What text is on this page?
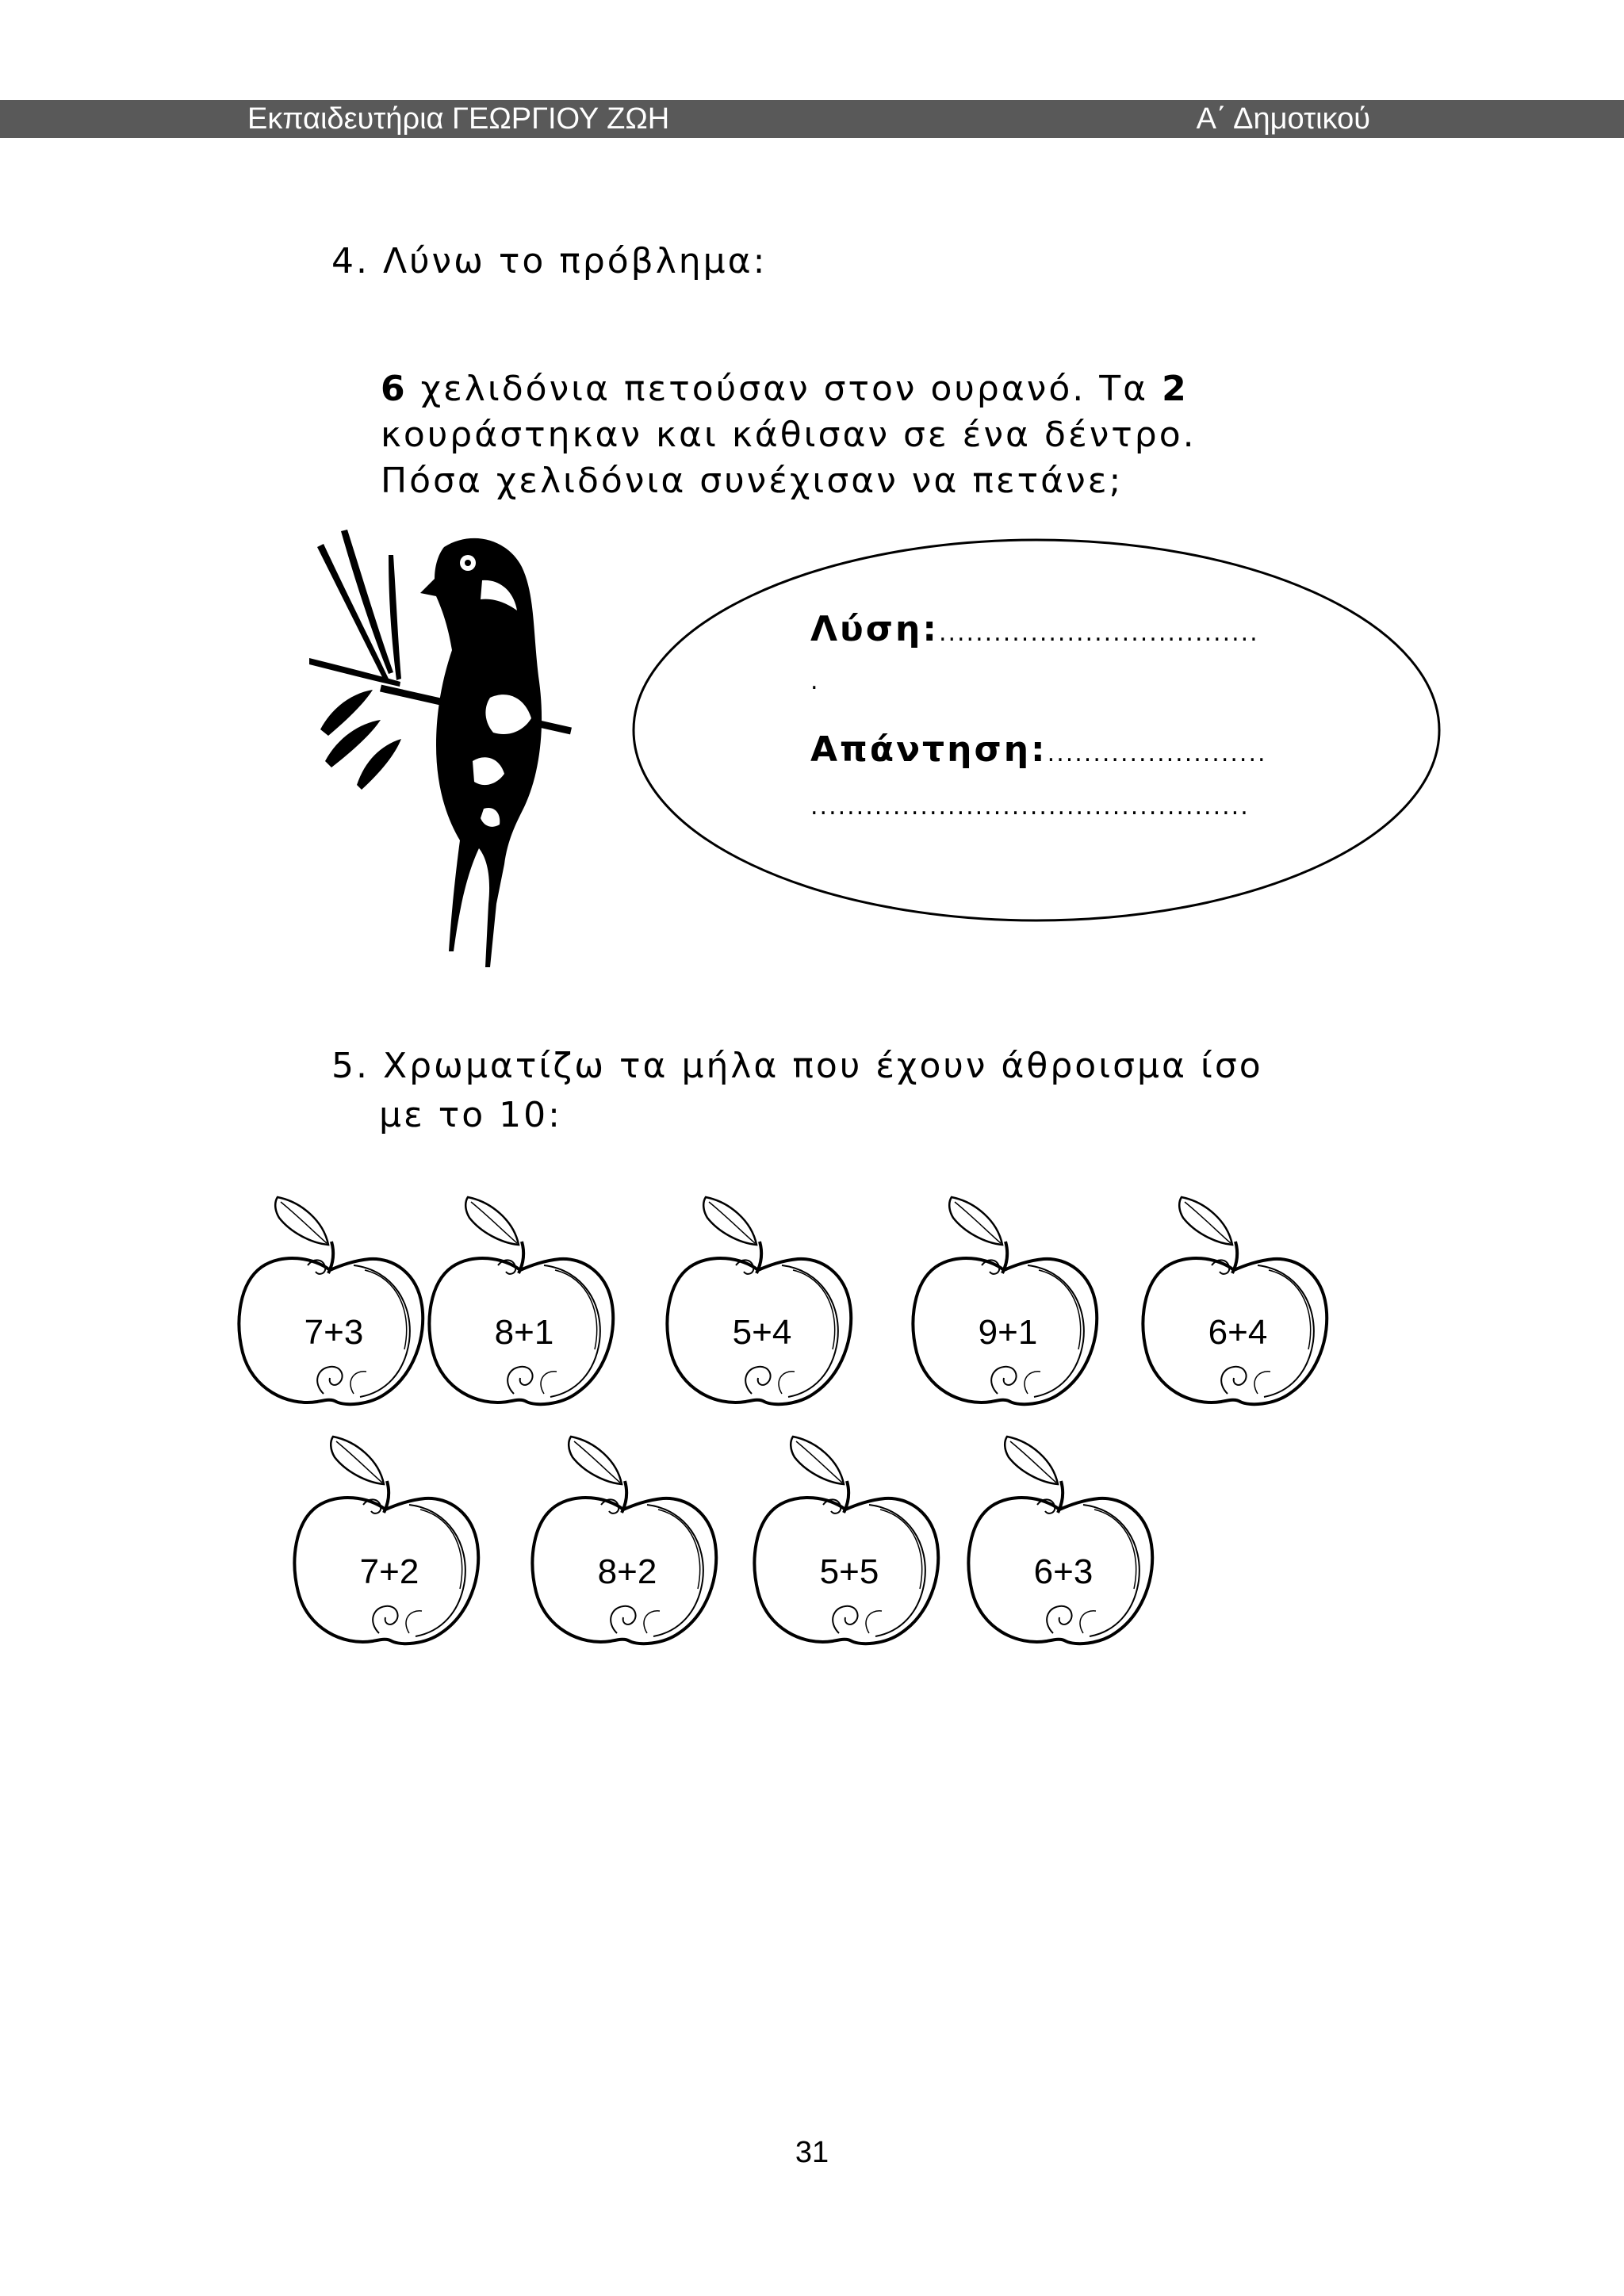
Εκπαιδευτήρια ΓΕΩΡΓΙΟΥ ΖΩΗ	Α΄ Δημοτικού
4. Λύνω το πρόβλημα:
6 χελιδόνια πετούσαν στον ουρανό. Τα 2
κουράστηκαν και κάθισαν σε ένα δέντρο.
Πόσα χελιδόνια συνέχισαν να πετάνε;
Λύση:...................................
.
Απάντηση:........................
................................................
5. Χρωματίζω τα μήλα που έχουν άθροισμα ίσο
με το 10:
7+3	8+1	5+4	9+1	6+4
7+2	8+2	5+5	6+3
31
